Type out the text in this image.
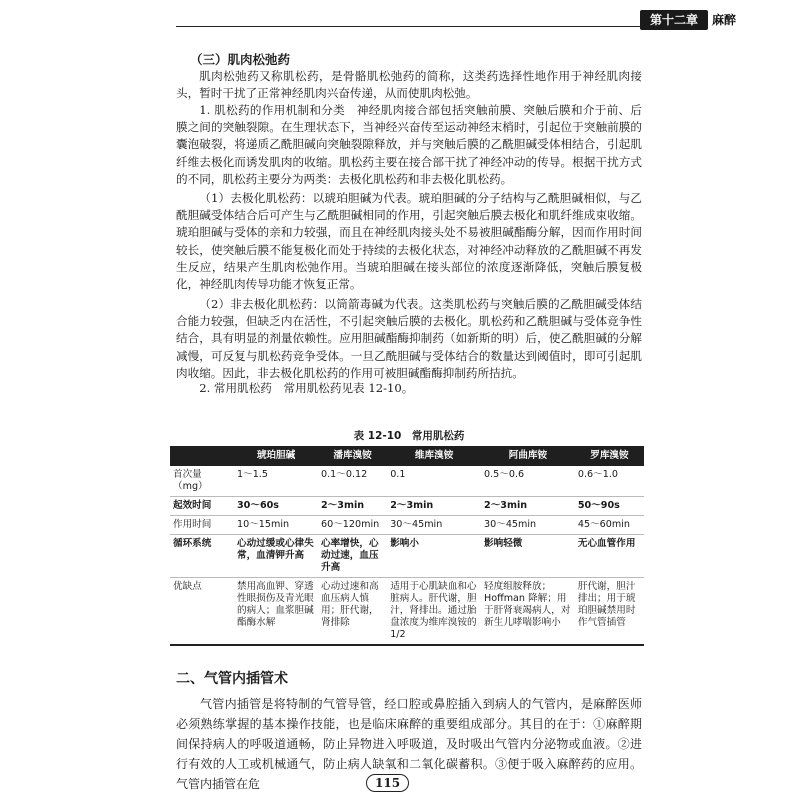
第十二章	麻醉
（三）肌肉松弛药

肌肉松弛药又称肌松药，是骨骼肌松弛药的简称，这类药选择性地作用于神经肌肉接头，暂时干扰了正常神经肌肉兴奋传递，从而使肌肉松弛。

1. 肌松药的作用机制和分类　神经肌肉接合部包括突触前膜、突触后膜和介于前、后膜之间的突触裂隙。在生理状态下，当神经兴奋传至运动神经末梢时，引起位于突触前膜的囊泡破裂，将递质乙酰胆碱向突触裂隙释放，并与突触后膜的乙酰胆碱受体相结合，引起肌纤维去极化而诱发肌肉的收缩。肌松药主要在接合部干扰了神经冲动的传导。根据干扰方式的不同，肌松药主要分为两类：去极化肌松药和非去极化肌松药。

（1）去极化肌松药：以琥珀胆碱为代表。琥珀胆碱的分子结构与乙酰胆碱相似，与乙酰胆碱受体结合后可产生与乙酰胆碱相同的作用，引起突触后膜去极化和肌纤维成束收缩。琥珀胆碱与受体的亲和力较强，而且在神经肌肉接头处不易被胆碱酯酶分解，因而作用时间较长，使突触后膜不能复极化而处于持续的去极化状态，对神经冲动释放的乙酰胆碱不再发生反应，结果产生肌肉松弛作用。当琥珀胆碱在接头部位的浓度逐渐降低，突触后膜复极化，神经肌肉传导功能才恢复正常。

（2）非去极化肌松药：以筒箭毒碱为代表。这类肌松药与突触后膜的乙酰胆碱受体结合能力较强，但缺乏内在活性，不引起突触后膜的去极化。肌松药和乙酰胆碱与受体竞争性结合，具有明显的剂量依赖性。应用胆碱酯酶抑制药（如新斯的明）后，使乙酰胆碱的分解减慢，可反复与肌松药竞争受体。一旦乙酰胆碱与受体结合的数量达到阈值时，即可引起肌肉收缩。因此，非去极化肌松药的作用可被胆碱酯酶抑制药所拮抗。

2. 常用肌松药　常用肌松药见表 12-10。

表 12-10　常用肌松药
	琥珀胆碱	潘库溴铵	维库溴铵	阿曲库铵	罗库溴铵
首次量（mg）	1～1.5	0.1～0.12	0.1	0.5～0.6	0.6～1.0
起效时间	30～60s	2～3min	2～3min	2～3min	50～90s
作用时间	10～15min	60～120min	30～45min	30～45min	45～60min
循环系统	心动过缓或心律失常，血清钾升高	心率增快，心动过速，血压升高	影响小	影响轻微	无心血管作用
优缺点	禁用高血钾、穿透性眼损伤及青光眼的病人；血浆胆碱酯酶水解	心动过速和高血压病人慎用；肝代谢，肾排除	适用于心肌缺血和心脏病人。肝代谢，胆汁，肾排出。通过胎盘浓度为维库溴铵的 1/2	轻度组胺释放；Hoffman 降解；用于肝肾衰竭病人，对新生儿哮喘影响小	肝代谢，胆汁排出；用于琥珀胆碱禁用时作气管插管
二、气管内插管术

气管内插管是将特制的气管导管，经口腔或鼻腔插入到病人的气管内，是麻醉医师必须熟练掌握的基本操作技能，也是临床麻醉的重要组成部分。其目的在于：①麻醉期间保持病人的呼吸道通畅，防止异物进入呼吸道，及时吸出气管内分泌物或血液。②进行有效的人工或机械通气，防止病人缺氧和二氧化碳蓄积。③便于吸入麻醉药的应用。气管内插管在危	115
